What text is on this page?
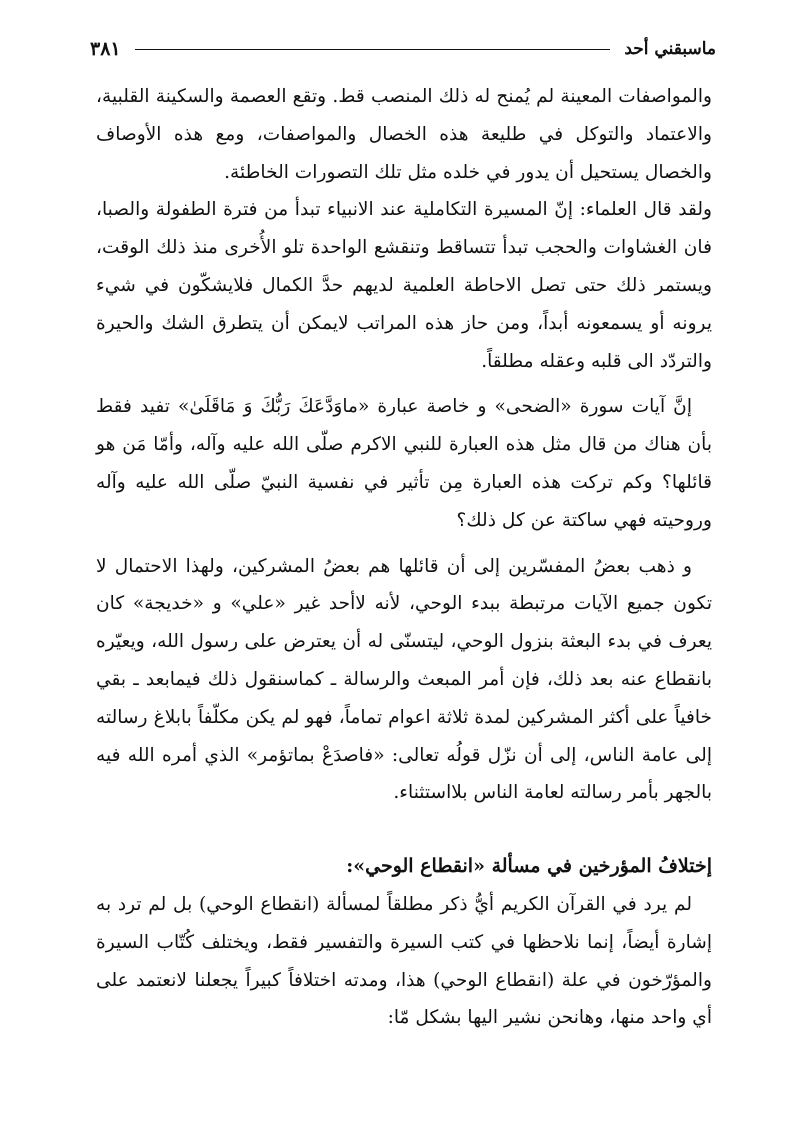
٣٨١	ماسبقني أحد

والمواصفات المعينة لم يُمنح له ذلك المنصب قط. وتقع العصمة والسكينة القلبية، والاعتماد والتوكل في طليعة هذه الخصال والمواصفات، ومع هذه الأوصاف والخصال يستحيل أن يدور في خلده مثل تلك التصورات الخاطئة.

ولقد قال العلماء: إنّ المسيرة التكاملية عند الانبياء تبدأ من فترة الطفولة والصبا، فان الغشاوات والحجب تبدأ تتساقط وتنقشع الواحدة تلو الأُخرى منذ ذلك الوقت، ويستمر ذلك حتى تصل الاحاطة العلمية لديهم حدَّ الكمال فلايشكّون في شيء يرونه أو يسمعونه أبداً، ومن حاز هذه المراتب لايمكن أن يتطرق الشك والحيرة والتردّد الى قلبه وعقله مطلقاً.

إنَّ آيات سورة «الضحى» و خاصة عبارة «ماوَدَّعَكَ رَبُّكَ وَ مَاقَلَىٰ» تفيد فقط بأن هناك من قال مثل هذه العبارة للنبي الاكرم صلّى الله عليه وآله، وأمّا مَن هو قائلها؟ وكم تركت هذه العبارة مِن تأثير في نفسية النبيّ صلّى الله عليه وآله وروحيته فهي ساكتة عن كل ذلك؟

و ذهب بعضُ المفسّرين إلى أن قائلها هم بعضُ المشركين، ولهذا الاحتمال لا تكون جميع الآيات مرتبطة ببدء الوحي، لأنه لاأحد غير «علي» و «خديجة» كان يعرف في بدء البعثة بنزول الوحي، ليتسنّى له أن يعترض على رسول الله، ويعيّره بانقطاع عنه بعد ذلك، فإن أمر المبعث والرسالة ـ كماسنقول ذلك فيمابعد ـ بقي خافياً على أكثر المشركين لمدة ثلاثة اعوام تماماً، فهو لم يكن مكلّفاً بابلاغ رسالته إلى عامة الناس، إلى أن نزّل قولُه تعالى: «فاصدَعْ بماتؤمر» الذي أمره الله فيه بالجهر بأمر رسالته لعامة الناس بلااستثناء.

إختلافُ المؤرخين في مسألة «انقطاع الوحي»:

لم يرد في القرآن الكريم أيُّ ذكر مطلقاً لمسألة (انقطاع الوحي) بل لم ترد به إشارة أيضاً، إنما نلاحظها في كتب السيرة والتفسير فقط، ويختلف كُتّاب السيرة والمؤرّخون في علة (انقطاع الوحي) هذا، ومدته اختلافاً كبيراً يجعلنا لانعتمد على أي واحد منها، وهانحن نشير اليها بشكل مّا:
